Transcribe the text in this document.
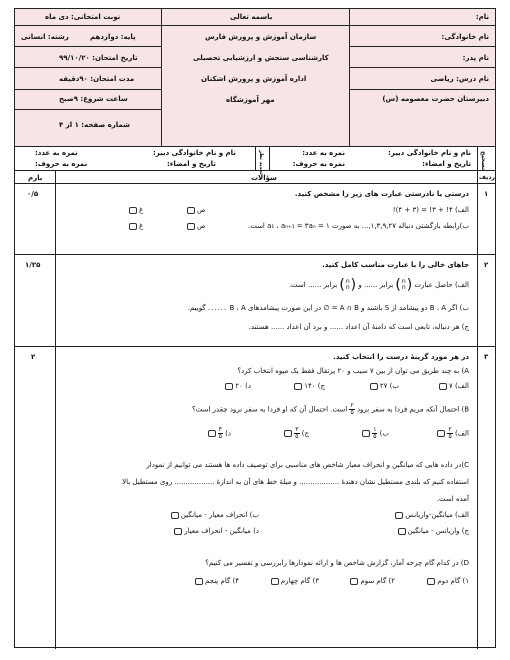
نام:
نام خانوادگی:
نام پدر:
نام درس: ریاضی
دبیرستان حضرت معصومه (س)
باسمه تعالی
سازمان آموزش و پرورش فارس
کارشناسی سنجش و ارزشیابی تحصیلی
اداره آموزش و پرورش اشکنان
مهر آموزشگاه
نوبت امتحانی: دی ماه
پایه: دوازدهم
رشته: انسانی
تاریخ امتحان: ۹۹/۱۰/۲۰
مدت امتحان: ۹۰دقیقه
ساعت شروع: ۹صبح
شماره صفحه: ۱ از ۴
تصحیح
نمره به عدد:
نمره به حروف:
نام و نام خانوادگی دبیر:
تاریخ و امضاء:
تجدید نظر
نام و نام خانوادگی دبیر:
تاریخ و امضاء:
نمره به عدد:
نمره به حروف:
ردیف
سؤالات
بارم
۱
۰/۵	درستی یا نادرستی عبارت های زیر را مشخص کنید.
الف) ۴! + ۳! = (۳ + ۴)!
ب)رابطه بازگشتی دنباله ۱,۳,۹,۲۷,... به صورت ۱ = a₁ ، aₙ₊₁ = ۳aₙ است.
ص
غ
ص
غ
۲
۱/۲۵	جاهای خالی را با عبارت مناسب کامل کنید.
الف) حاصل عبارت (
n
n
) برابر ...... و (
n
n
) برابر ...... است.
ب) اگر B ، A دو پیشامد از S باشند و A ∩ B = ∅ در این صورت پیشامدهای B ، A ...... گوییم.
ج) هر دنباله، تابعی است که دامنهٔ آن اعداد ...... و برد آن اعداد ...... هستند.
۳
۲	در هر مورد گزینهٔ درست را انتخاب کنید.
A) به چند طریق می توان از بین ۷ سیب و ۲۰ پرتقال فقط یک میوه انتخاب کرد؟
الف) ۷
ب) ۲۷
ج) ۱۴۰
د) ۲۰
B) احتمال آنکه مریم فردا به سفر برود
$\frac{۲}{۵}$
است. احتمال آن که او فردا به سفر نرود چقدر است؟
الف)
$\frac{۲}{۵}$
ب)
$\frac{۱}{۵}$
ج)
$\frac{۳}{۵}$
د)
$\frac{۴}{۵}$
C)در داده هایی که میانگین و انحراف معیار شاخص های مناسبی برای توصیف داده ها هستند می توانیم از نمودار
استفاده کنیم که بلندی مستطیل نشان دهندهٔ .................. و میلهٔ خط های آن به اندازهٔ .................. روی مستطیل بالا
آمده است.
الف) میانگین-واریانس
ب) انحراف معیار - میانگین
ج) واریانس - میانگین
د) میانگین - انحراف معیار
D) در کدام گام چرخه آمار، گزارش شاخص ها و ارائه نمودارها رابررسی و تفسیر می کنیم؟
۱) گام دوم
۲) گام سوم
۳) گام چهارم
۴) گام پنجم
